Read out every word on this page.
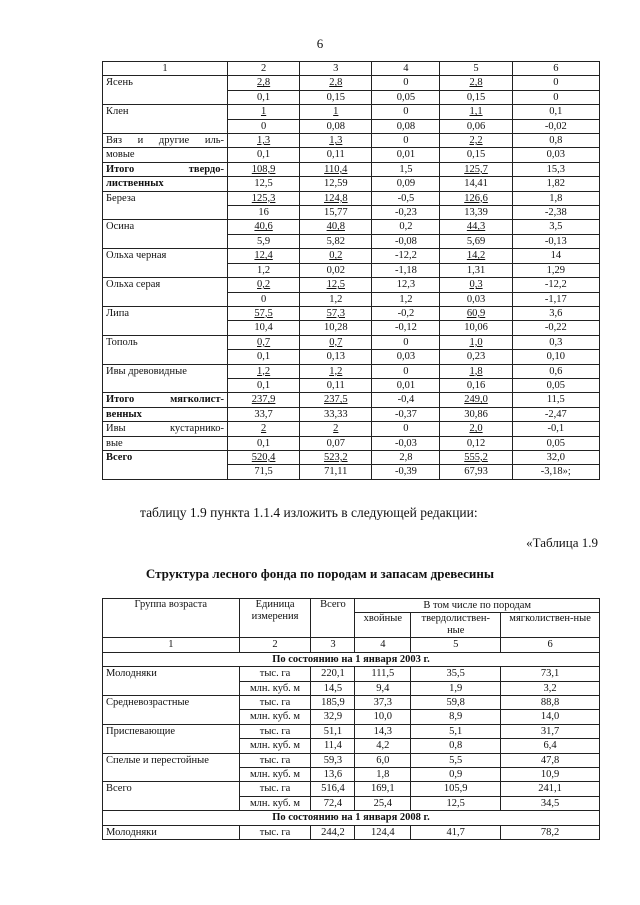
6
1	2	3	4	5	6
Ясень	2,8	2,8	0	2,8	0
	0,1	0,15	0,05	0,15	0
Клен	1	1	0	1,1	0,1
	0	0,08	0,08	0,06	-0,02
Вяз и другие иль-	1,3	1,3	0	2,2	0,8
мовые	0,1	0,11	0,01	0,15	0,03
Итого твердо-	108,9	110,4	1,5	125,7	15,3
лиственных	12,5	12,59	0,09	14,41	1,82
Береза	125,3	124,8	-0,5	126,6	1,8
	16	15,77	-0,23	13,39	-2,38
Осина	40,6	40,8	0,2	44,3	3,5
	5,9	5,82	-0,08	5,69	-0,13
Ольха черная	12,4	0,2	-12,2	14,2	14
	1,2	0,02	-1,18	1,31	1,29
Ольха серая	0,2	12,5	12,3	0,3	-12,2
	0	1,2	1,2	0,03	-1,17
Липа	57,5	57,3	-0,2	60,9	3,6
	10,4	10,28	-0,12	10,06	-0,22
Тополь	0,7	0,7	0	1,0	0,3
	0,1	0,13	0,03	0,23	0,10
Ивы древовидные	1,2	1,2	0	1,8	0,6
	0,1	0,11	0,01	0,16	0,05
Итого мягколист-	237,9	237,5	-0,4	249,0	11,5
венных	33,7	33,33	-0,37	30,86	-2,47
Ивы кустарнико-	2	2	0	2,0	-0,1
вые	0,1	0,07	-0,03	0,12	0,05
Всего	520,4	523,2	2,8	555,2	32,0
	71,5	71,11	-0,39	67,93	-3,18»;
таблицу 1.9 пункта 1.1.4 изложить в следующей редакции:
«Таблица 1.9
Структура лесного фонда по породам и запасам древесины
Группа возраста	Единица измерения	Всего	В том числе по породам		
			хвойные	твердолиствен-ные	мягколиствен-ные
1	2	3	4	5	6
По состоянию на 1 января 2003 г.					
Молодняки	тыс. га	220,1	111,5	35,5	73,1
	млн. куб. м	14,5	9,4	1,9	3,2
Средневозрастные	тыс. га	185,9	37,3	59,8	88,8
	млн. куб. м	32,9	10,0	8,9	14,0
Приспевающие	тыс. га	51,1	14,3	5,1	31,7
	млн. куб. м	11,4	4,2	0,8	6,4
Спелые и перестойные	тыс. га	59,3	6,0	5,5	47,8
	млн. куб. м	13,6	1,8	0,9	10,9
Всего	тыс. га	516,4	169,1	105,9	241,1
	млн. куб. м	72,4	25,4	12,5	34,5
По состоянию на 1 января 2008 г.					
Молодняки	тыс. га	244,2	124,4	41,7	78,2
